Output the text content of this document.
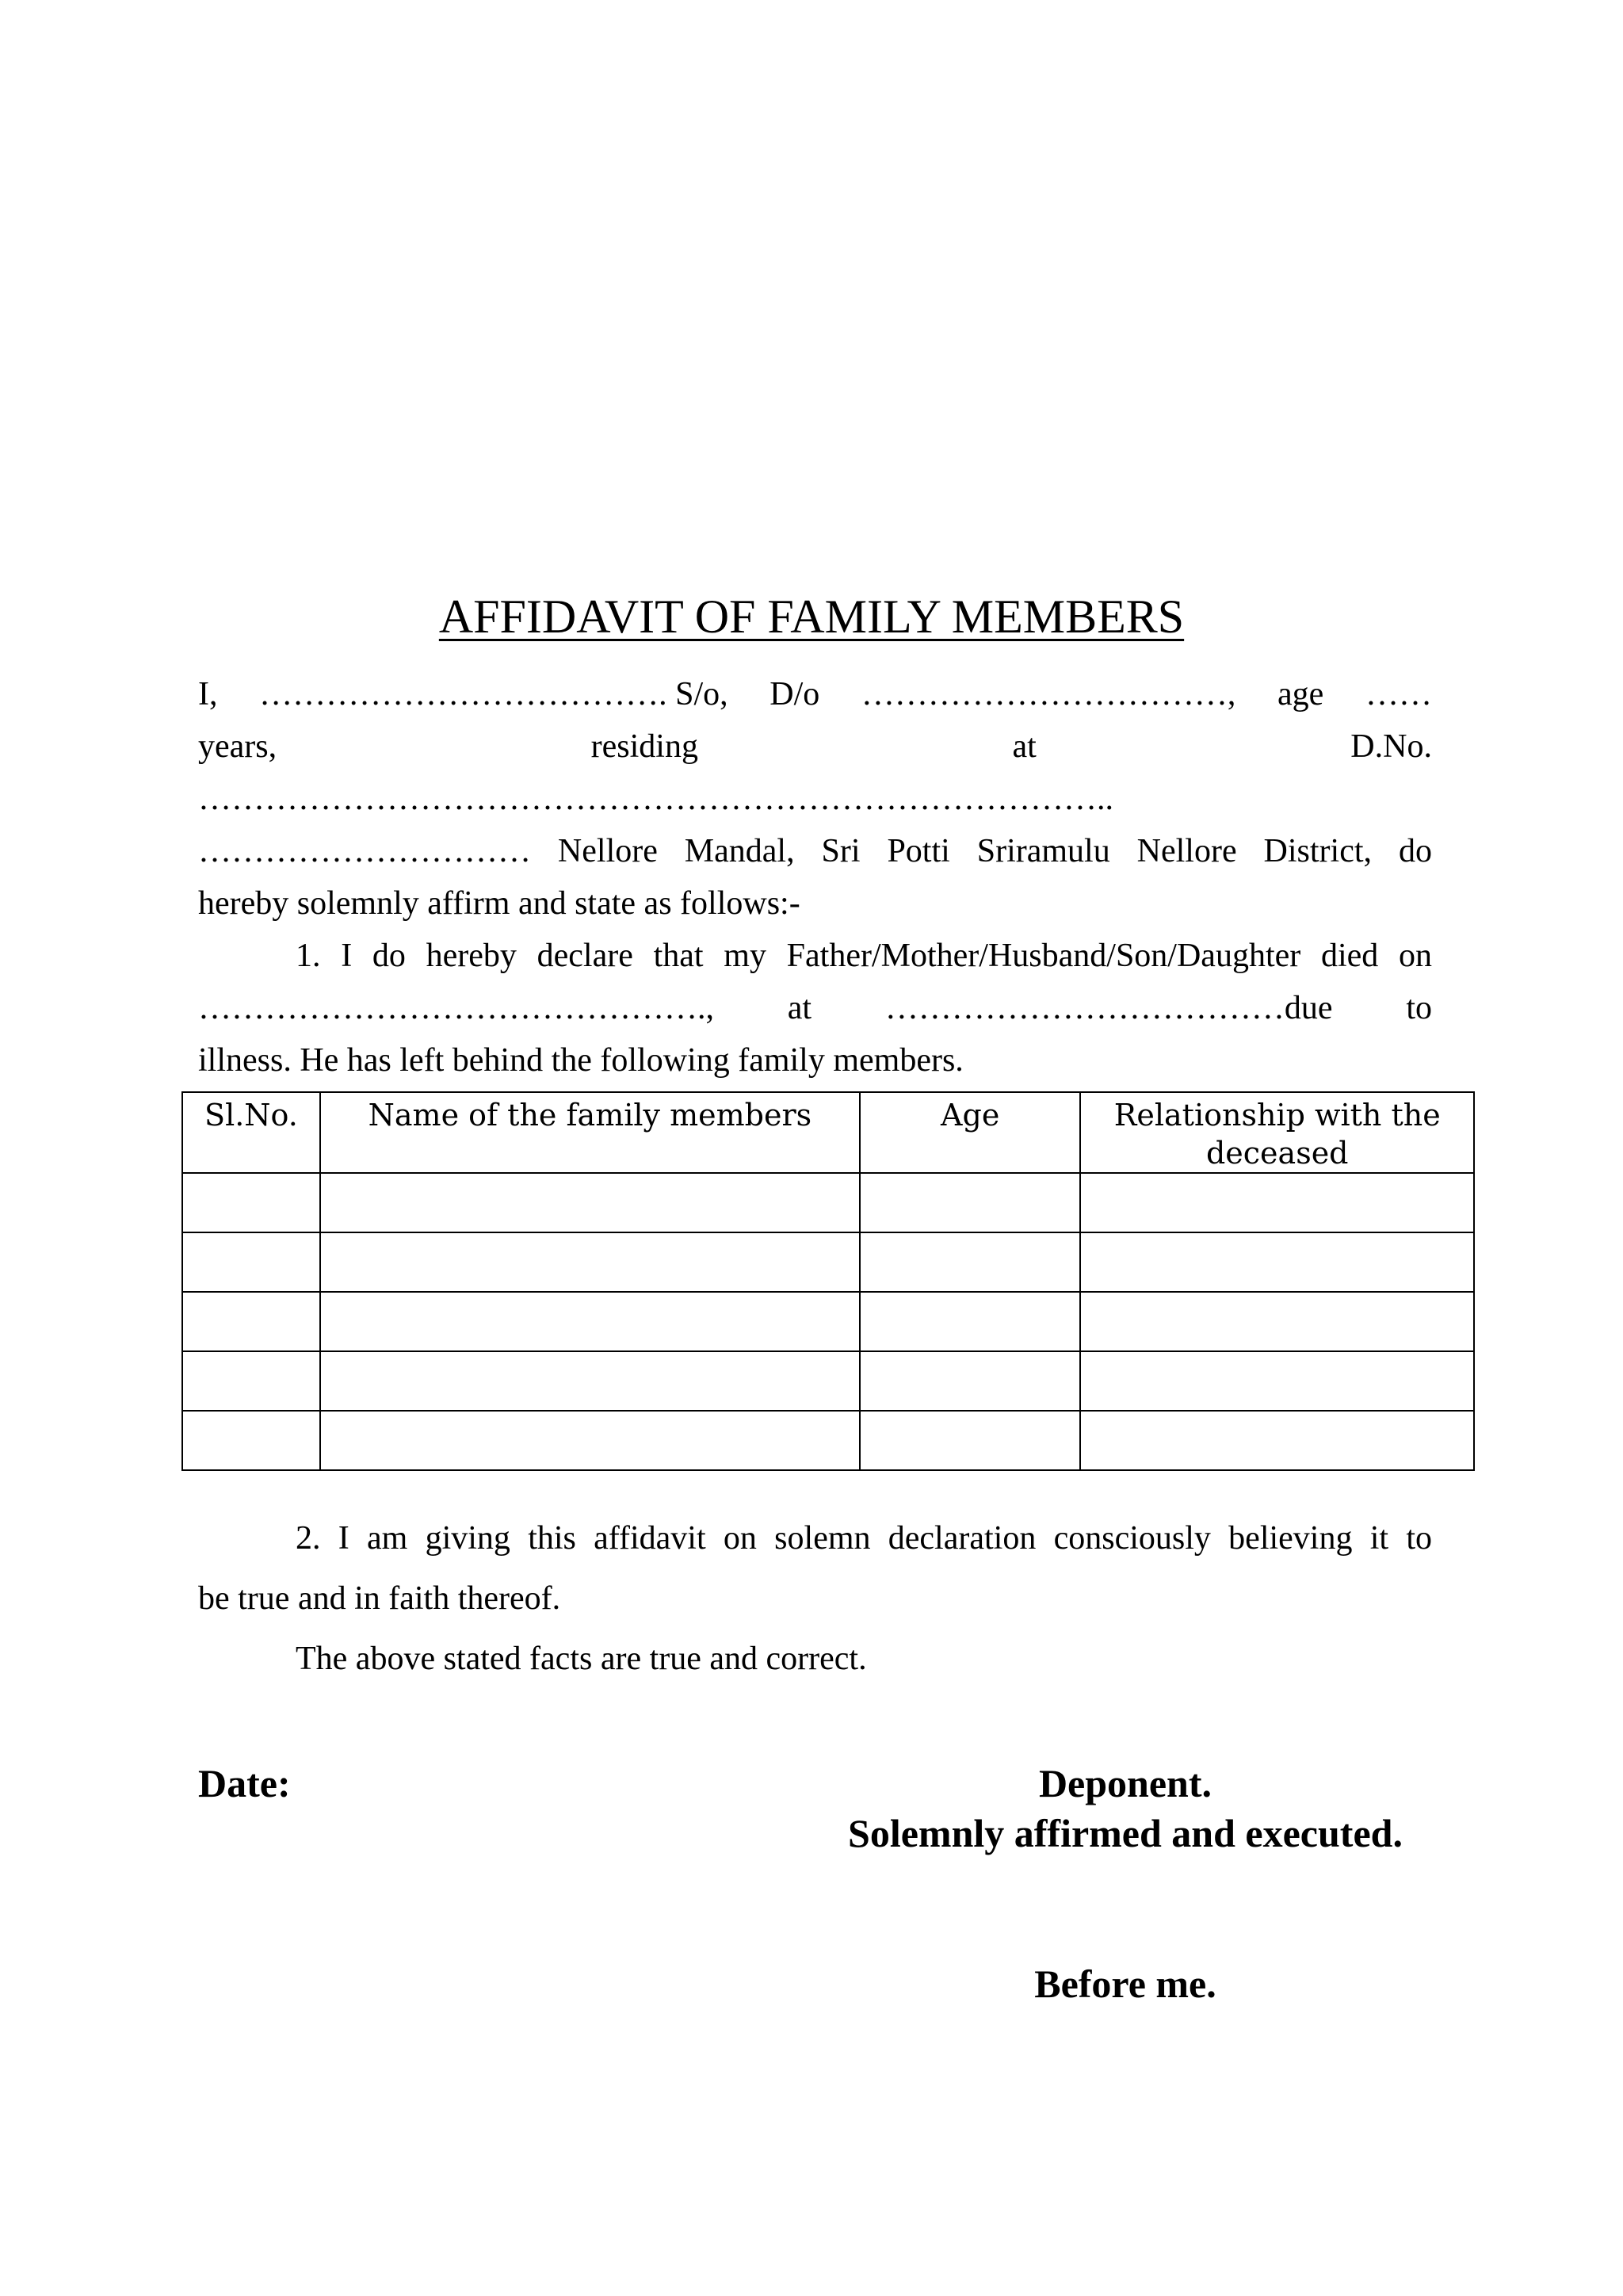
AFFIDAVIT OF FAMILY MEMBERS
I, ………………………………. S/o, D/o ……………………………, age ……
years,	residing	at	D.No.
………………………………………………………………………..
………………………… Nellore Mandal, Sri Potti Sriramulu Nellore District, do
hereby solemnly affirm and state as follows:-
1. I do hereby declare that my Father/Mother/Husband/Son/Daughter died on
………………………………………., at ………………………………due to
illness. He has left behind the following family members.
Sl.No.	Name of the family members	Age	Relationship with the deceased

2. I am giving this affidavit on solemn declaration consciously believing it to
be true and in faith thereof.
The above stated facts are true and correct.
Date:	Deponent.
Solemnly affirmed and executed.
Before me.
